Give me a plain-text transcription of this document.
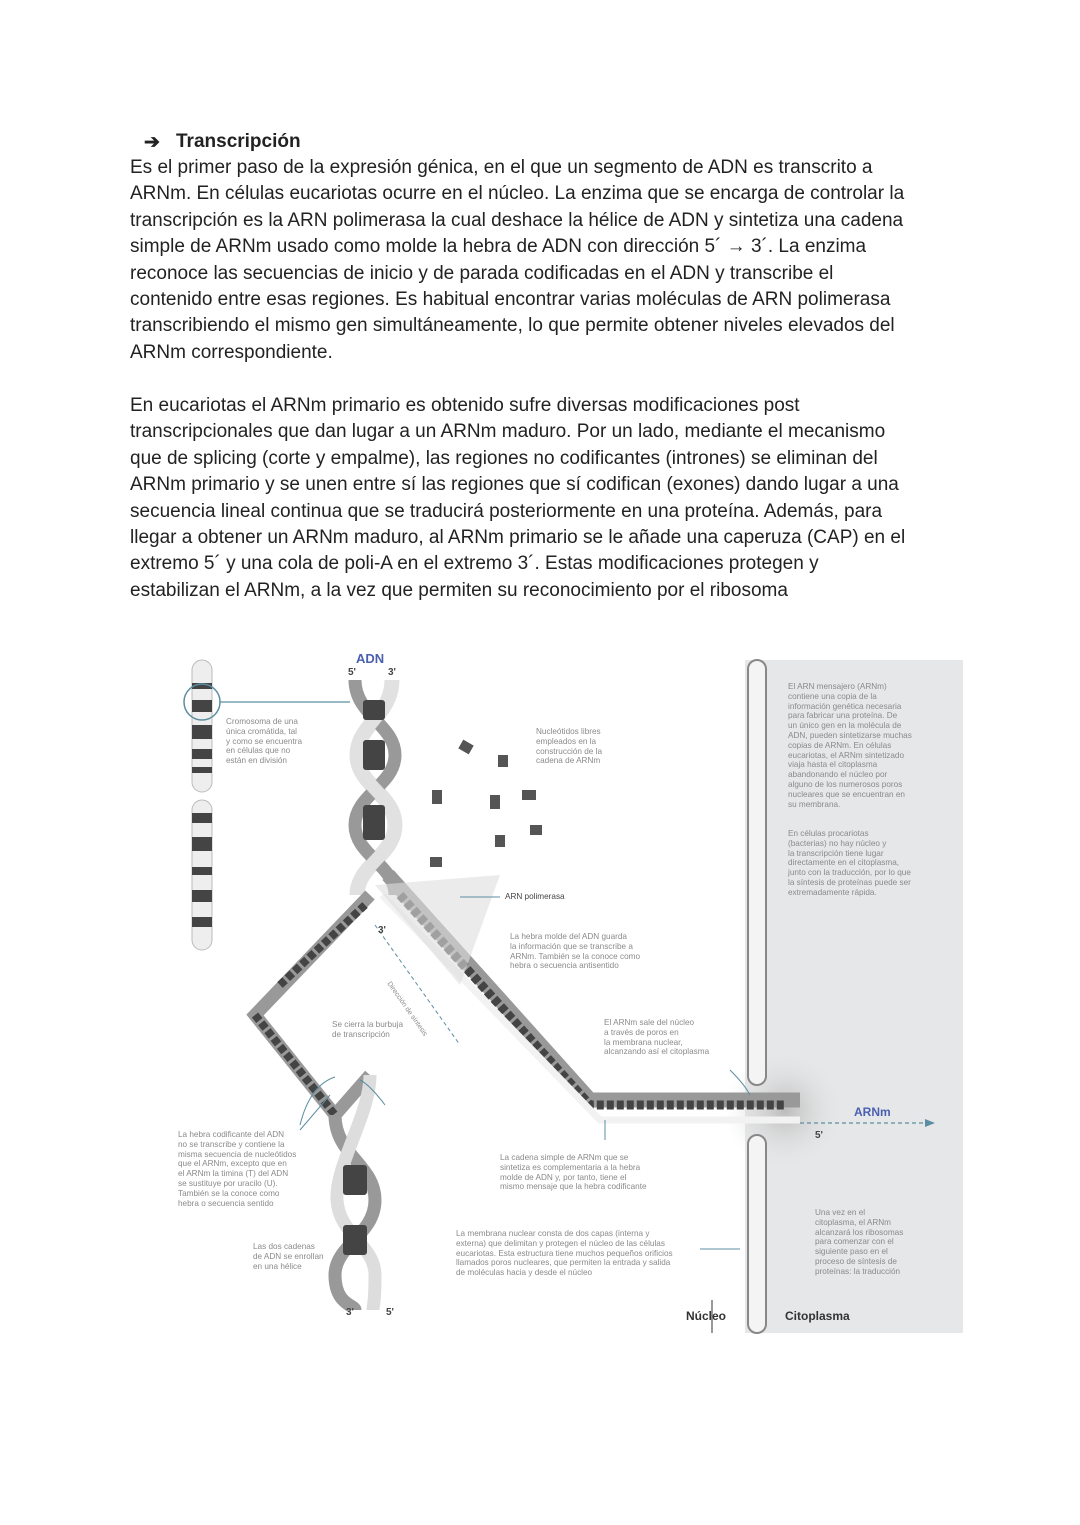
➔ Transcripción
Es el primer paso de la expresión génica, en el que un segmento de ADN es transcrito a
ARNm. En células eucariotas ocurre en el núcleo. La enzima que se encarga de controlar la
transcripción es la ARN polimerasa la cual deshace la hélice de ADN y sintetiza una cadena
simple de ARNm usado como molde la hebra de ADN con dirección 5´ → 3´. La enzima
reconoce las secuencias de inicio y de parada codificadas en el ADN y transcribe el
contenido entre esas regiones. Es habitual encontrar varias moléculas de ARN polimerasa
transcribiendo el mismo gen simultáneamente, lo que permite obtener niveles elevados del
ARNm correspondiente.
En eucariotas el ARNm primario es obtenido sufre diversas modificaciones post
transcripcionales que dan lugar a un ARNm maduro. Por un lado, mediante el mecanismo
que de splicing (corte y empalme), las regiones no codificantes (intrones) se eliminan del
ARNm primario y se unen entre sí las regiones que sí codifican (exones) dando lugar a una
secuencia lineal continua que se traducirá posteriormente en una proteína. Además, para
llegar a obtener un ARNm maduro, al ARNm primario se le añade una caperuza (CAP) en el
extremo 5´ y una cola de poli-A en el extremo 3´. Estas modificaciones protegen y
estabilizan el ARNm, a la vez que permiten su reconocimiento por el ribosoma
ADN
5'	3'
3'
3'	5'
5'
ARNm
Núcleo	Citoplasma
ARN polimerasa
Dirección de síntesis
Cromosoma de una
única cromátida, tal
y como se encuentra
en células que no
están en división
Nucleótidos libres
empleados en la
construcción de la
cadena de ARNm
La hebra molde del ADN guarda
la información que se transcribe a
ARNm. También se la conoce como
hebra o secuencia antisentido
Se cierra la burbuja
de transcripción
El ARNm sale del núcleo
a través de poros en
la membrana nuclear,
alcanzando así el citoplasma
La hebra codificante del ADN
no se transcribe y contiene la
misma secuencia de nucleótidos
que el ARNm, excepto que en
el ARNm la timina (T) del ADN
se sustituye por uracilo (U).
También se la conoce como
hebra o secuencia sentido
La cadena simple de ARNm que se
sintetiza es complementaria a la hebra
molde de ADN y, por tanto, tiene el
mismo mensaje que la hebra codificante
Las dos cadenas
de ADN se enrollan
en una hélice
La membrana nuclear consta de dos capas (interna y
externa) que delimitan y protegen el núcleo de las células
eucariotas. Esta estructura tiene muchos pequeños orificios
llamados poros nucleares, que permiten la entrada y salida
de moléculas hacia y desde el núcleo
El ARN mensajero (ARNm)
contiene una copia de la
información genética necesaria
para fabricar una proteína. De
un único gen en la molécula de
ADN, pueden sintetizarse muchas
copias de ARNm. En células
eucariotas, el ARNm sintetizado
viaja hasta el citoplasma
abandonando el núcleo por
alguno de los numerosos poros
nucleares que se encuentran en
su membrana.
En células procariotas
(bacterias) no hay núcleo y
la transcripción tiene lugar
directamente en el citoplasma,
junto con la traducción, por lo que
la síntesis de proteínas puede ser
extremadamente rápida.
Una vez en el
citoplasma, el ARNm
alcanzará los ribosomas
para comenzar con el
siguiente paso en el
proceso de síntesis de
proteínas: la traducción
